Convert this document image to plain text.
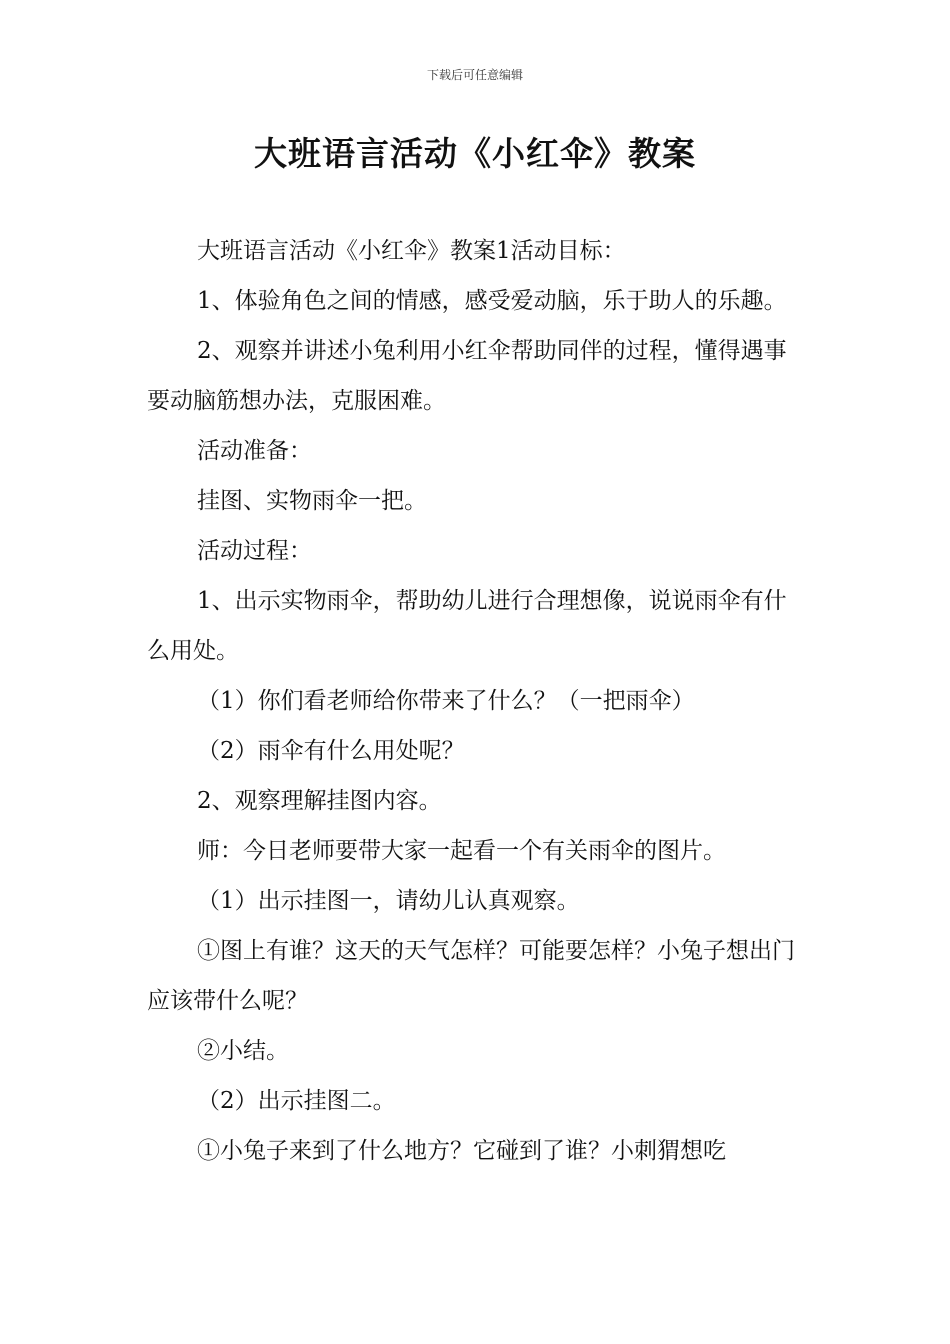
下载后可任意编辑
大班语言活动《小红伞》教案

大班语言活动《小红伞》教案1活动目标：

1、体验角色之间的情感，感受爱动脑，乐于助人的乐趣。

2、观察并讲述小兔利用小红伞帮助同伴的过程，懂得遇事要动脑筋想办法，克服困难。

活动准备：

挂图、实物雨伞一把。

活动过程：

1、出示实物雨伞，帮助幼儿进行合理想像，说说雨伞有什么用处。

（1）你们看老师给你带来了什么？（一把雨伞）

（2）雨伞有什么用处呢？

2、观察理解挂图内容。

师：今日老师要带大家一起看一个有关雨伞的图片。

（1）出示挂图一，请幼儿认真观察。

①图上有谁？这天的天气怎样？可能要怎样？小兔子想出门应该带什么呢？

②小结。

（2）出示挂图二。

①小兔子来到了什么地方？它碰到了谁？小刺猬想吃
